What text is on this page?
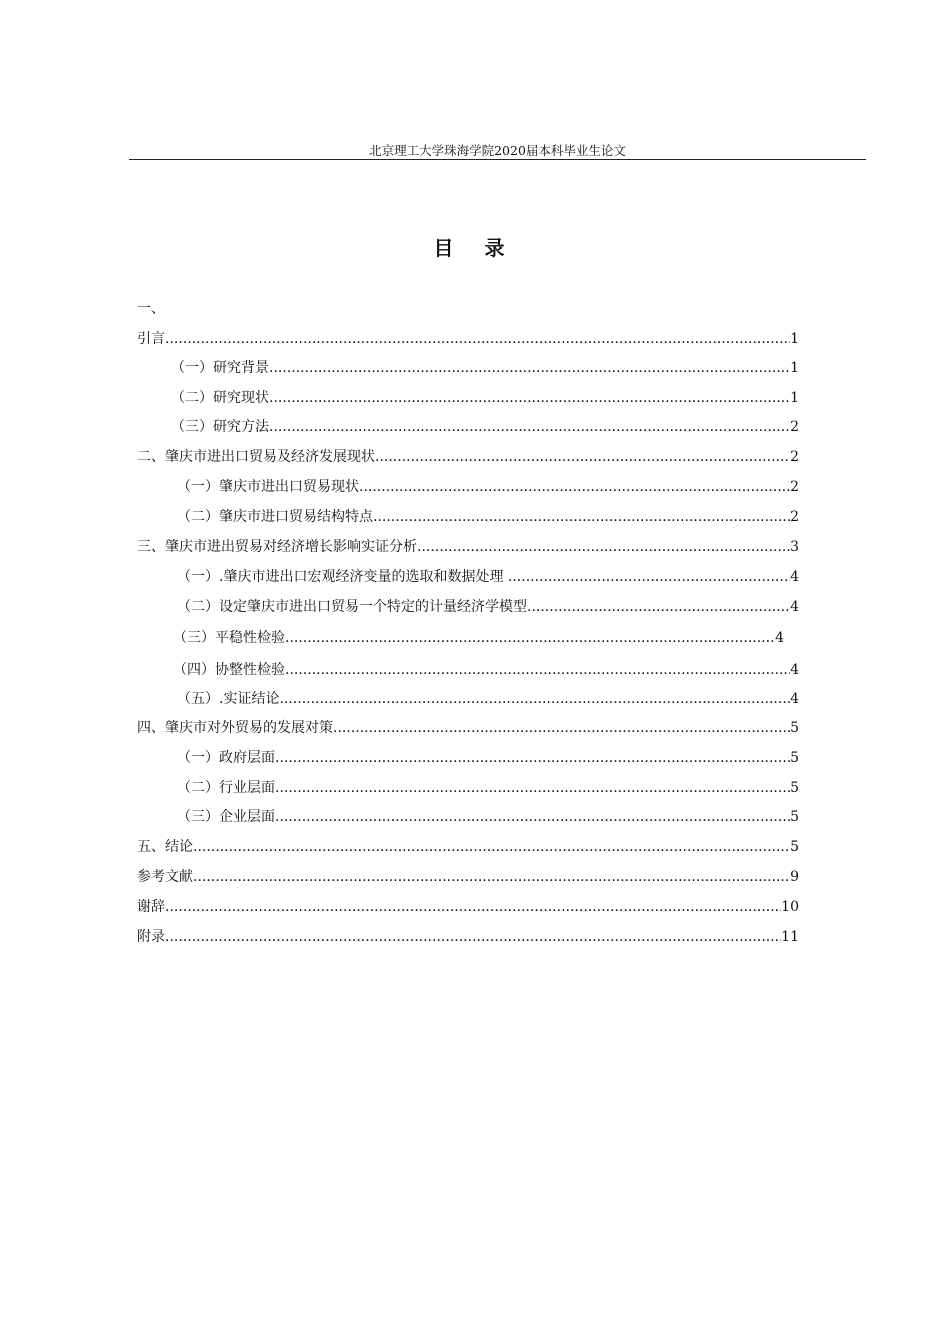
北京理工大学珠海学院2020届本科毕业生论文
目 录
一、
引言 .....	1
（一）研究背景 .....	1
（二）研究现状 .....	1
（三）研究方法 .....	2
二、肇庆市进出口贸易及经济发展现状 .....	2
（一）肇庆市进出口贸易现状 .....	2
（二）肇庆市进口贸易结构特点 .....	2
三、肇庆市进出贸易对经济增长影响实证分析 .....	3
（一）.肇庆市进出口宏观经济变量的选取和数据处理 .....	4
（二）设定肇庆市进出口贸易一个特定的计量经济学模型 .....	4
（三）平稳性检验 .....	4
（四）协整性检验 .....	4
（五）.实证结论 .....	4
四、肇庆市对外贸易的发展对策 .....	5
（一）政府层面 .....	5
（二）行业层面 .....	5
（三）企业层面 .....	5
五、结论 .....	5
参考文献 .....	9
谢辞 .....	10
附录 .....	11
